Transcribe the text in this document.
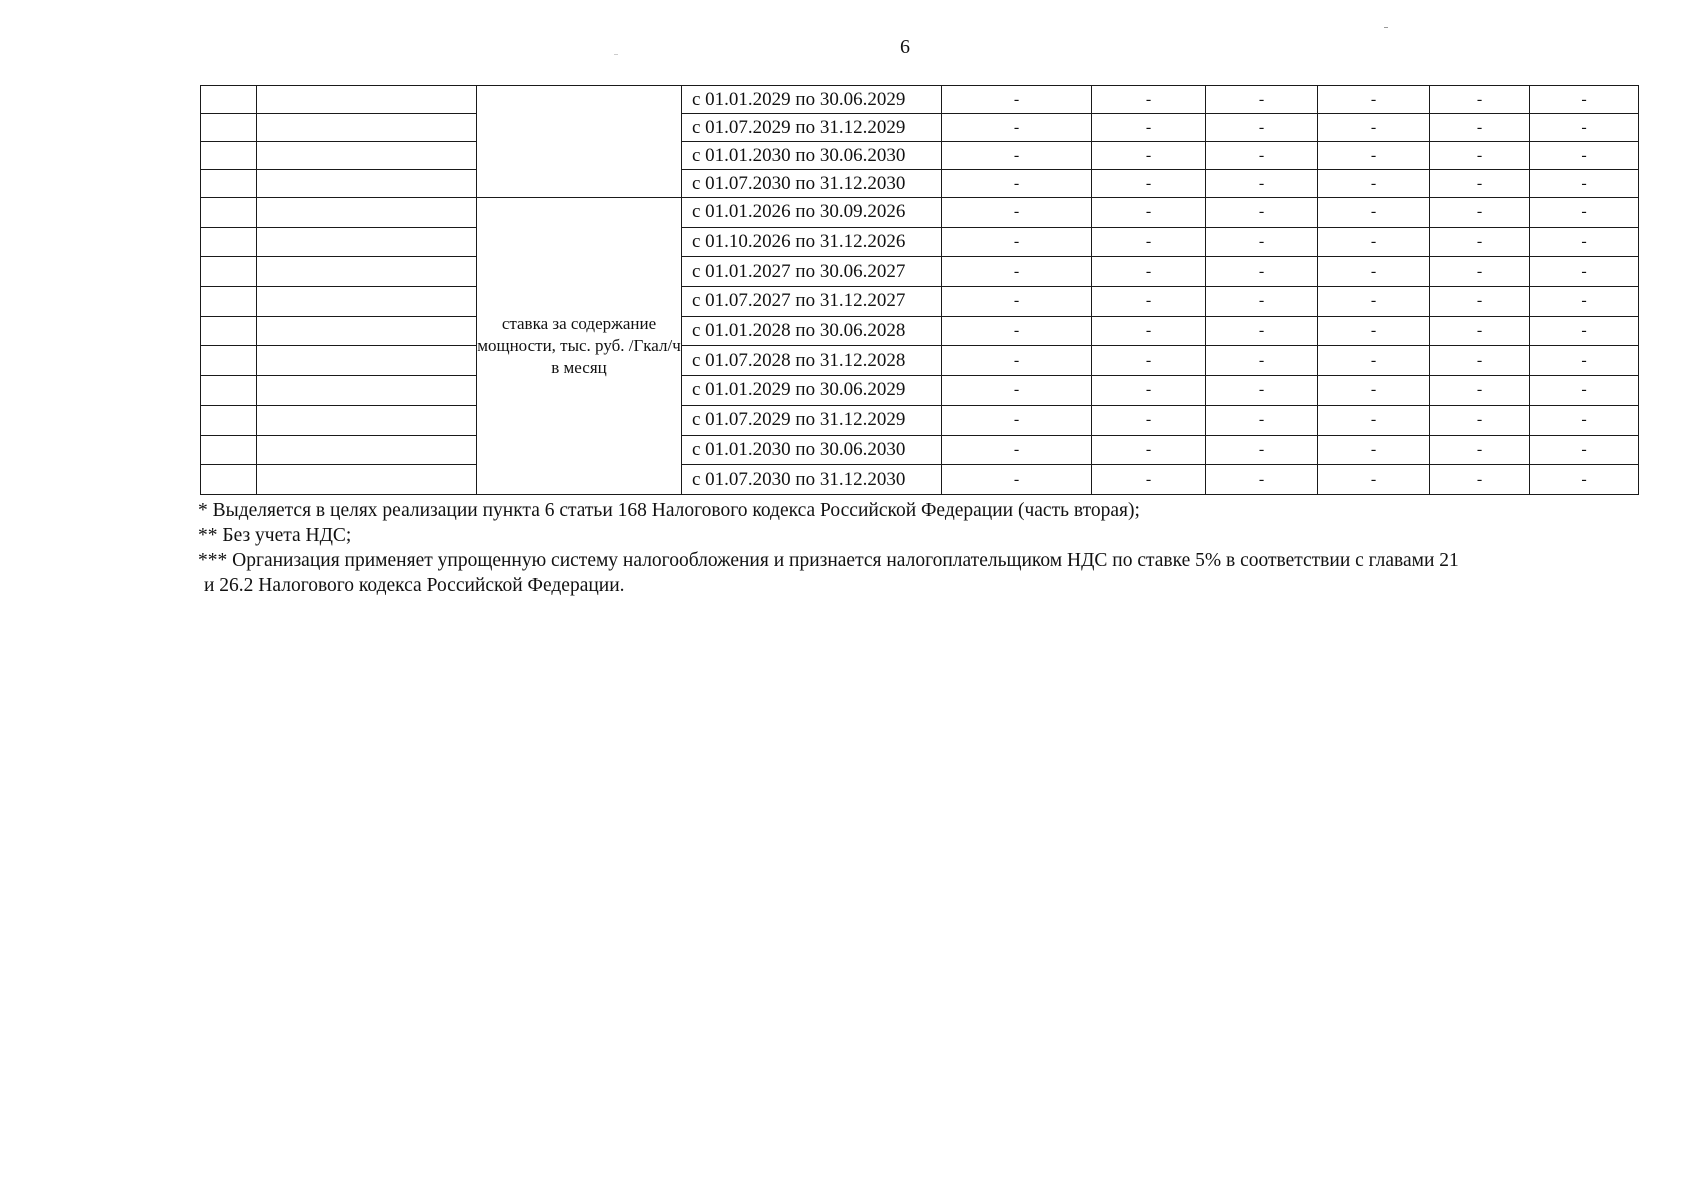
6
			с 01.01.2029 по 30.06.2029	-	-	-	-	-	-
			с 01.07.2029 по 31.12.2029	-	-	-	-	-	-
			с 01.01.2030 по 30.06.2030	-	-	-	-	-	-
			с 01.07.2030 по 31.12.2030	-	-	-	-	-	-
		ставка за содержание мощности, тыс. руб. /Гкал/ч в месяц	с 01.01.2026 по 30.09.2026	-	-	-	-	-	-
			с 01.10.2026 по 31.12.2026	-	-	-	-	-	-
			с 01.01.2027 по 30.06.2027	-	-	-	-	-	-
			с 01.07.2027 по 31.12.2027	-	-	-	-	-	-
			с 01.01.2028 по 30.06.2028	-	-	-	-	-	-
			с 01.07.2028 по 31.12.2028	-	-	-	-	-	-
			с 01.01.2029 по 30.06.2029	-	-	-	-	-	-
			с 01.07.2029 по 31.12.2029	-	-	-	-	-	-
			с 01.01.2030 по 30.06.2030	-	-	-	-	-	-
			с 01.07.2030 по 31.12.2030	-	-	-	-	-	-

* Выделяется в целях реализации пункта 6 статьи 168 Налогового кодекса Российской Федерации (часть вторая);

** Без учета НДС;

*** Организация применяет упрощенную систему налогообложения и признается налогоплательщиком НДС по ставке 5% в соответствии с главами 21

и 26.2 Налогового кодекса Российской Федерации.
